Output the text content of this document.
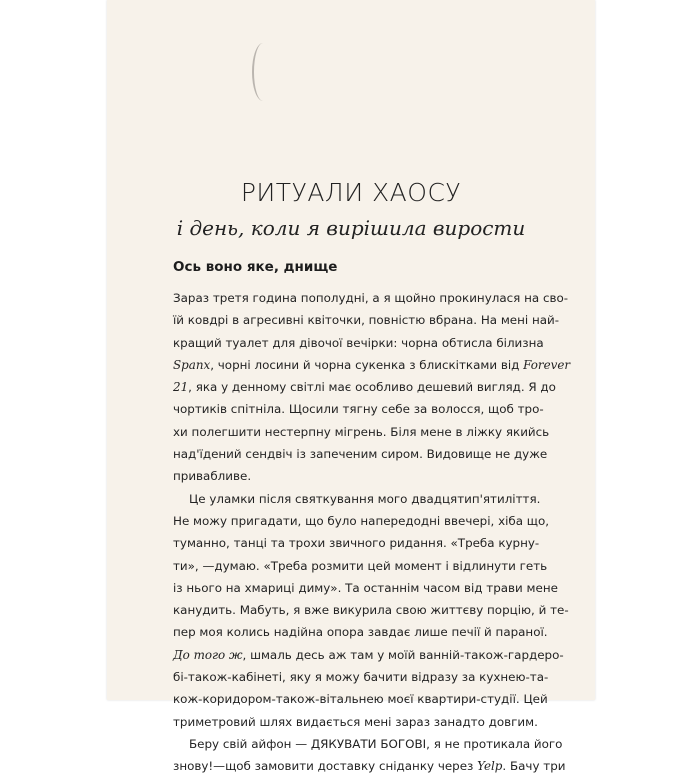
РИТУАЛИ ХАОСУ
і день, коли я вирішила вирости
Ось воно яке, днище
Зараз третя година пополудні, а я щойно прокинулася на сво-
їй ковдрі в агресивні квіточки, повністю вбрана. На мені най-
кращий туалет для дівочої вечірки: чорна обтисла білизна
Spanx, чорні лосини й чорна сукенка з блискітками від Forever
21, яка у денному світлі має особливо дешевий вигляд. Я до
чортиків спітніла. Щосили тягну себе за волосся, щоб тро-
хи полегшити нестерпну мігрень. Біля мене в ліжку якийсь
над'їдений сендвіч із запеченим сиром. Видовище не дуже
привабливе.
Це уламки після святкування мого двадцятип'ятиліття.
Не можу пригадати, що було напередодні ввечері, хіба що,
туманно, танці та трохи звичного ридання. «Треба курну-
ти», —думаю. «Треба розмити цей момент і відлинути геть
із нього на хмариці диму». Та останнім часом від трави мене
канудить. Мабуть, я вже викурила свою життєву порцію, й те-
пер моя колись надійна опора завдає лише печії й параної.
До того ж, шмаль десь аж там у моїй ванній-також-гардеро-
бі-також-кабінеті, яку я можу бачити відразу за кухнею-та-
кож-коридором-також-вітальнею моєї квартири-студії. Цей
триметровий шлях видається мені зараз занадто довгим.
Беру свій айфон — ДЯКУВАТИ БОГОВІ, я не протикала його
знову!—щоб замовити доставку сніданку через Yelp. Бачу три
